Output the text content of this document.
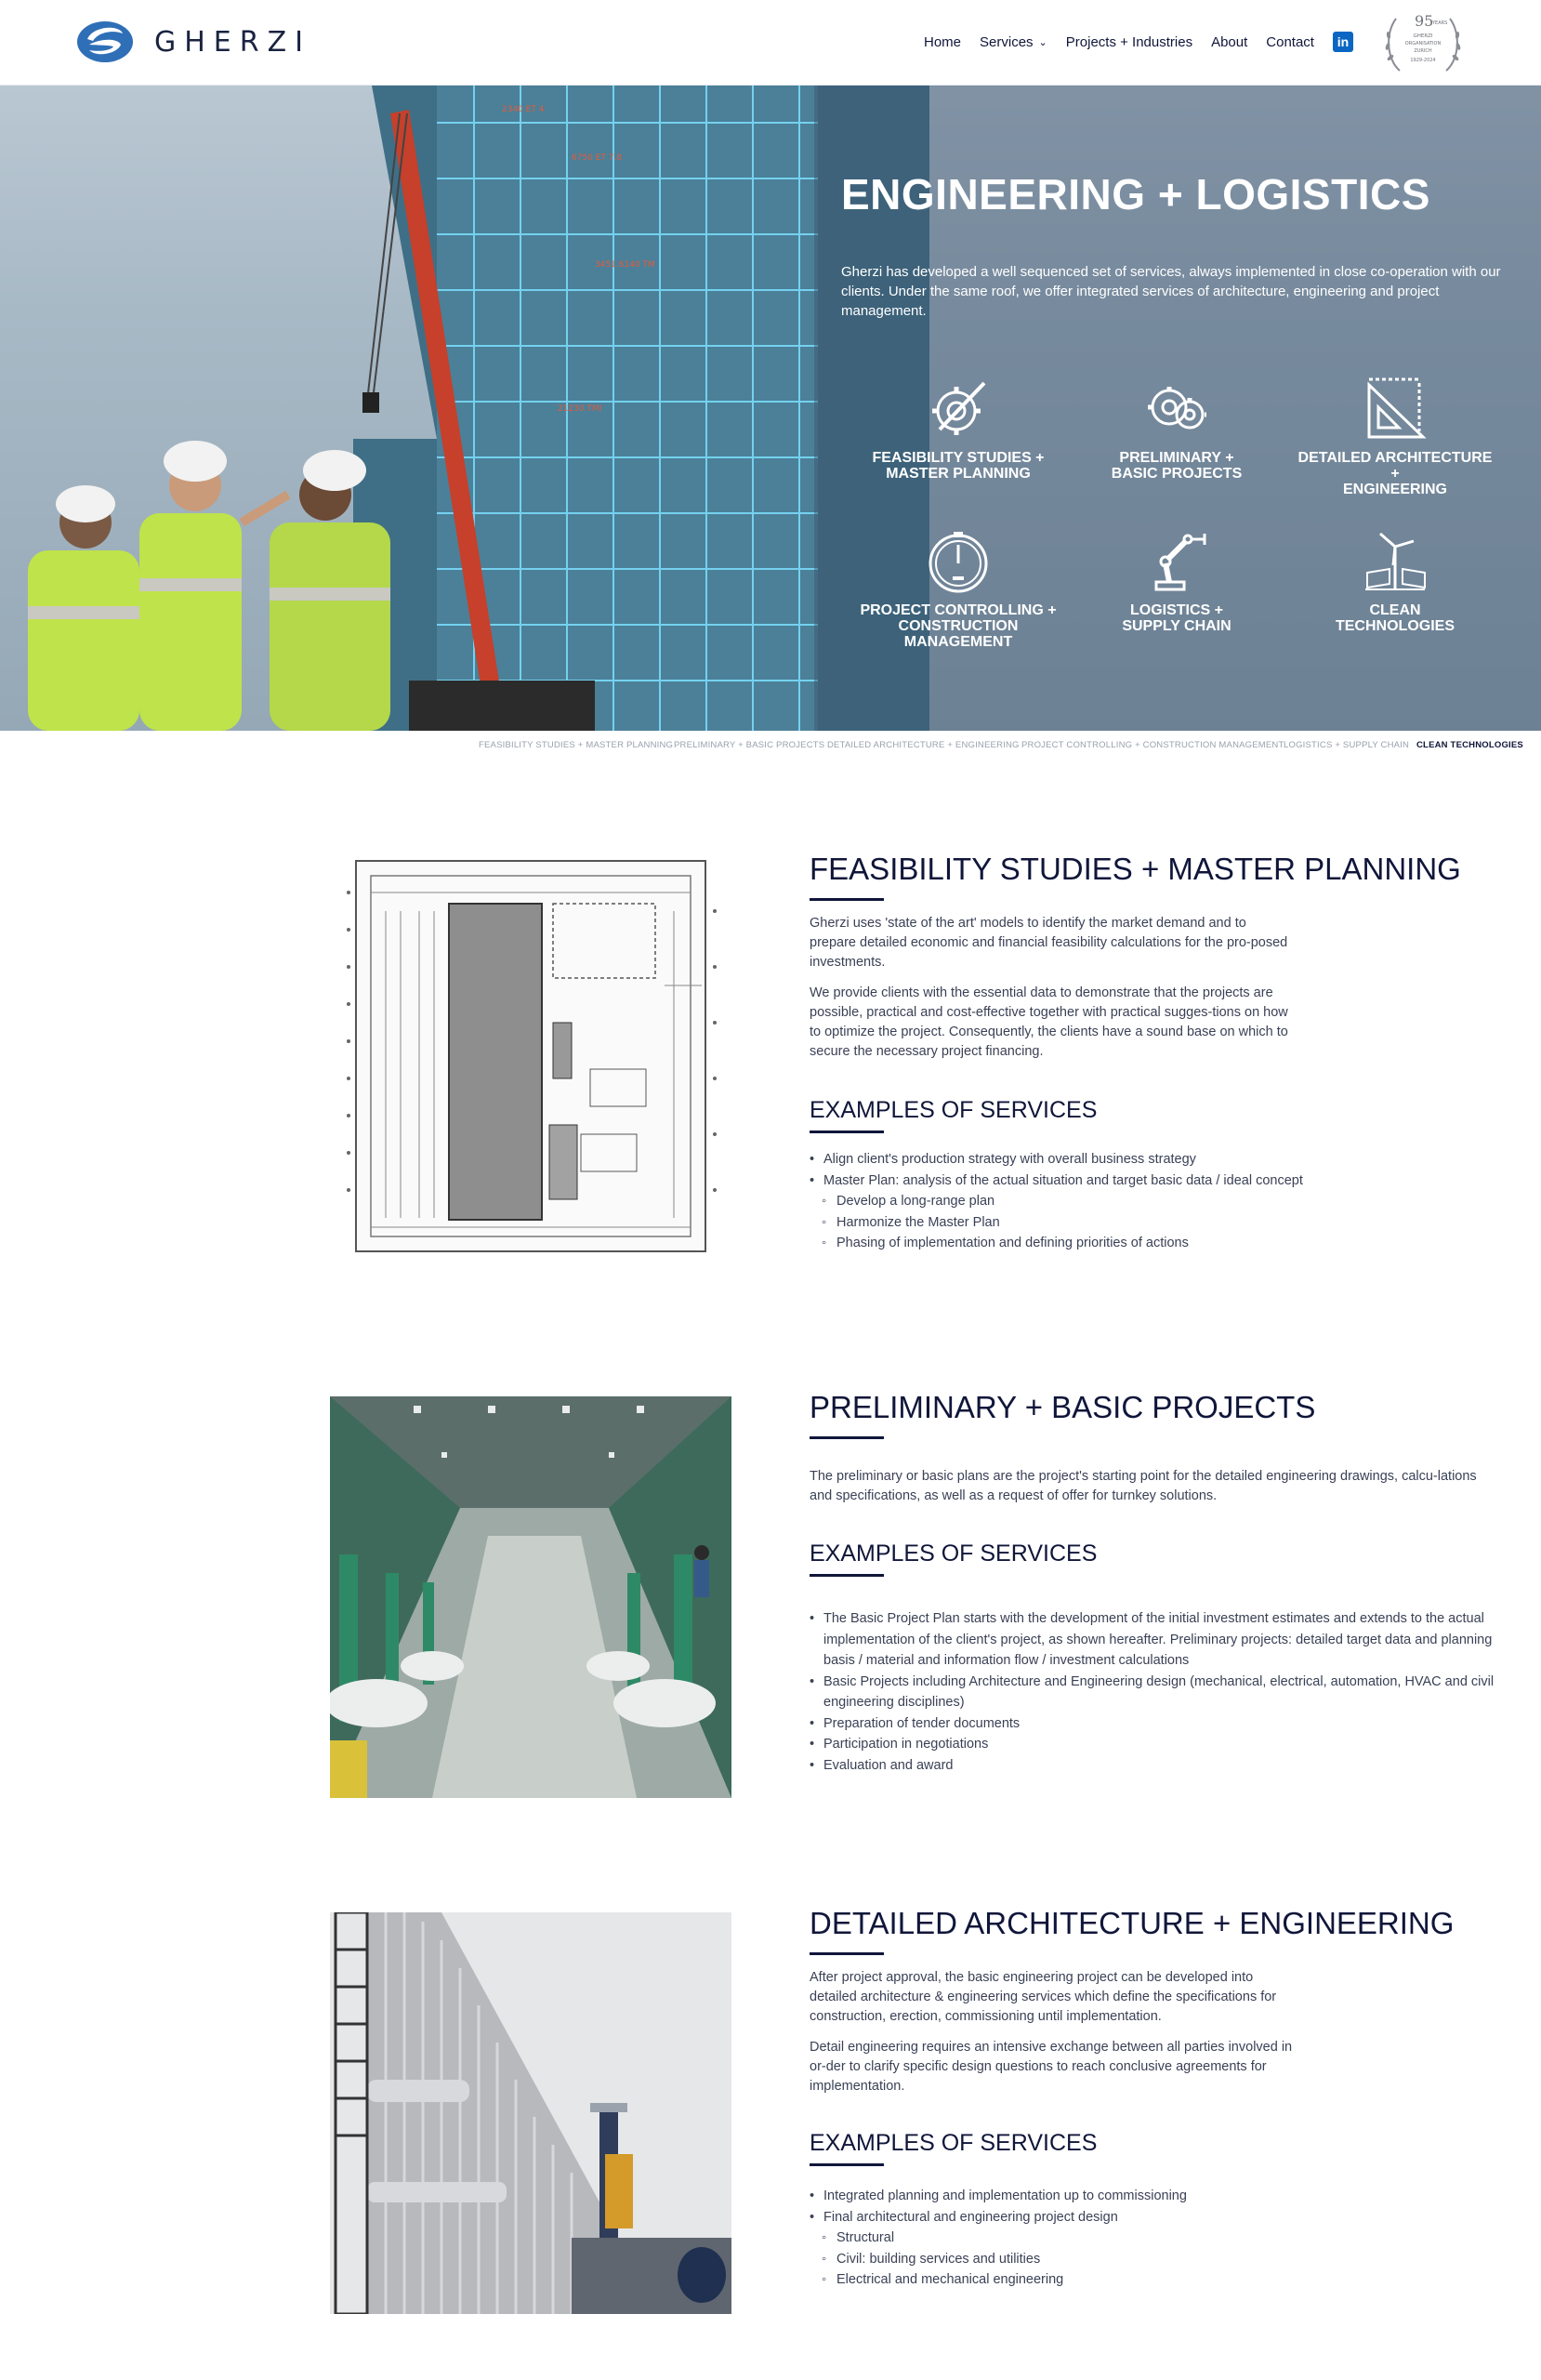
GHERZI	Home Services ⌄ Projects + Industries About Contact in
95
YEARS
GHERZI
ORGANISATION
ZURICH
1929-2024
2340 ET 4
6750 ET 7.8
3451.6140 TM
21230.TMI
ENGINEERING + LOGISTICS
Gherzi has developed a well sequenced set of services, always implemented in close co-operation with our clients. Under the same roof, we offer integrated services of architecture, engineering and project management.
FEASIBILITY STUDIES +
MASTER PLANNING
PRELIMINARY +
BASIC PROJECTS
DETAILED ARCHITECTURE +
ENGINEERING
PROJECT CONTROLLING +
CONSTRUCTION
MANAGEMENT
LOGISTICS +
SUPPLY CHAIN
CLEAN
TECHNOLOGIES
FEASIBILITY STUDIES + MASTER PLANNING PRELIMINARY + BASIC PROJECTS DETAILED ARCHITECTURE + ENGINEERING PROJECT CONTROLLING + CONSTRUCTION MANAGEMENT LOGISTICS + SUPPLY CHAIN CLEAN TECHNOLOGIES
FEASIBILITY STUDIES + MASTER PLANNING
Gherzi uses 'state of the art' models to identify the market demand and to prepare detailed economic and financial feasibility calculations for the pro-posed investments.
We provide clients with the essential data to demonstrate that the projects are possible, practical and cost-effective together with practical sugges-tions on how to optimize the project. Consequently, the clients have a sound base on which to secure the necessary project financing.
EXAMPLES OF SERVICES
• Align client's production strategy with overall business strategy
• Master Plan: analysis of the actual situation and target basic data / ideal concept
◦ Develop a long-range plan
◦ Harmonize the Master Plan
◦ Phasing of implementation and defining priorities of actions
PRELIMINARY + BASIC PROJECTS
The preliminary or basic plans are the project's starting point for the detailed engineering drawings, calcu-lations and specifications, as well as a request of offer for turnkey solutions.
EXAMPLES OF SERVICES
• The Basic Project Plan starts with the development of the initial investment estimates and extends to the actual implementation of the client's project, as shown hereafter. Preliminary projects: detailed target data and planning basis / material and information flow / investment calculations
• Basic Projects including Architecture and Engineering design (mechanical, electrical, automation, HVAC and civil engineering disciplines)
• Preparation of tender documents
• Participation in negotiations
• Evaluation and award
DETAILED ARCHITECTURE + ENGINEERING
After project approval, the basic engineering project can be developed into detailed architecture & engineering services which define the specifications for construction, erection, commissioning until implementation.
Detail engineering requires an intensive exchange between all parties involved in or-der to clarify specific design questions to reach conclusive agreements for implementation.
EXAMPLES OF SERVICES
• Integrated planning and implementation up to commissioning
• Final architectural and engineering project design
◦ Structural
◦ Civil: building services and utilities
◦ Electrical and mechanical engineering
